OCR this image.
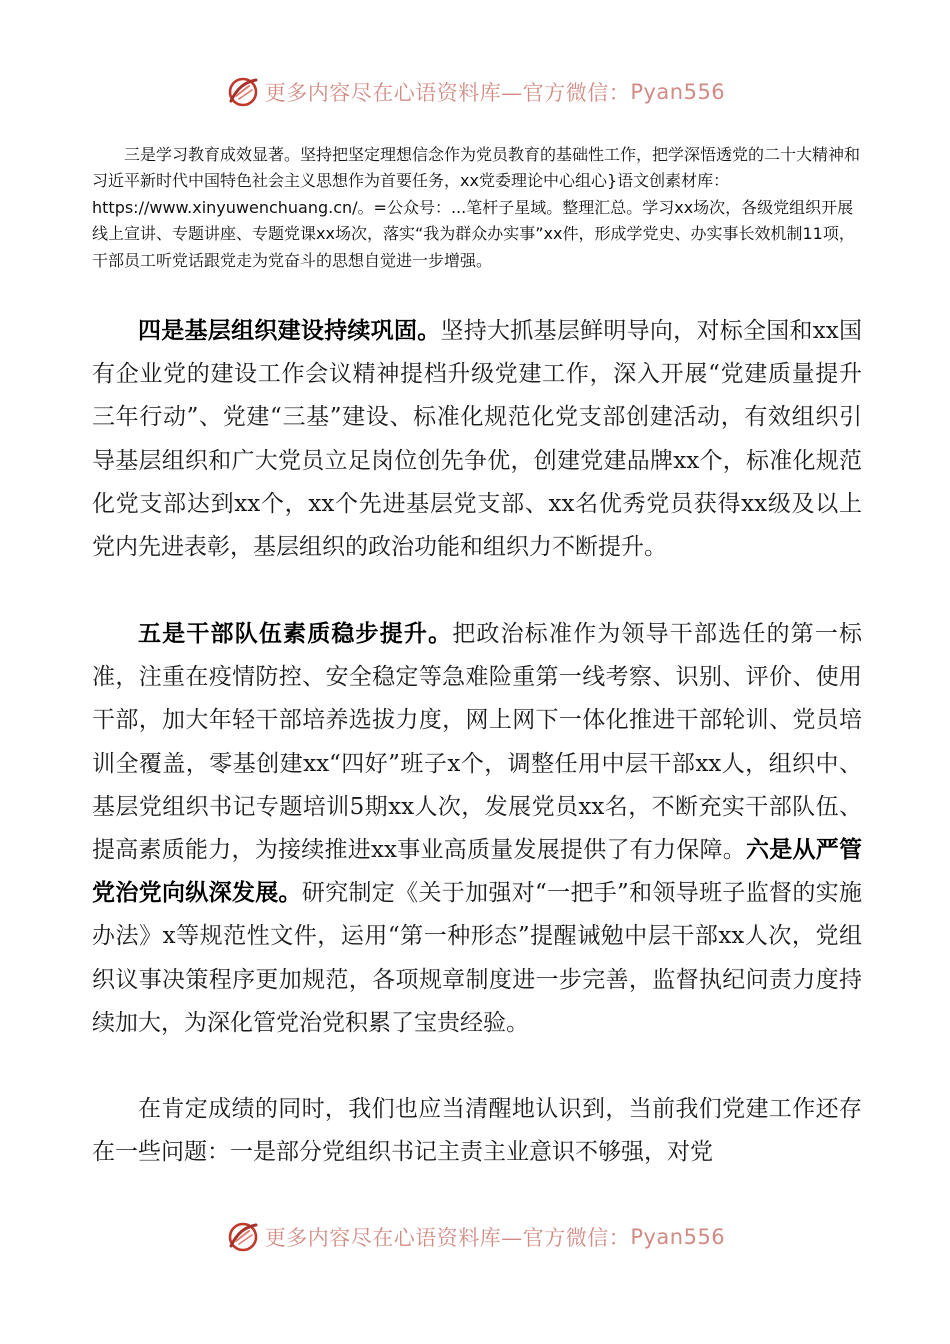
更多内容尽在心语资料库—官方微信： Pyan556

三是学习教育成效显著。坚持把坚定理想信念作为党员教育的基础性工作，把学深悟透党的二十大精神和习近平新时代中国特色社会主义思想作为首要任务，xx党委理论中心组心}语文创素材库：https://www.xinyuwenchuang.cn/。=公众号：...笔杆子星域。整理汇总。学习xx场次，各级党组织开展线上宣讲、专题讲座、专题党课xx场次，落实“我为群众办实事”xx件，形成学党史、办实事长效机制11项，干部员工听党话跟党走为党奋斗的思想自觉进一步增强。

四是基层组织建设持续巩固。坚持大抓基层鲜明导向，对标全国和xx国有企业党的建设工作会议精神提档升级党建工作，深入开展“党建质量提升三年行动”、党建“三基”建设、标准化规范化党支部创建活动，有效组织引导基层组织和广大党员立足岗位创先争优，创建党建品牌xx个，标准化规范化党支部达到xx个，xx个先进基层党支部、xx名优秀党员获得xx级及以上党内先进表彰，基层组织的政治功能和组织力不断提升。

五是干部队伍素质稳步提升。把政治标准作为领导干部选任的第一标准，注重在疫情防控、安全稳定等急难险重第一线考察、识别、评价、使用干部，加大年轻干部培养选拔力度，网上网下一体化推进干部轮训、党员培训全覆盖，零基创建xx“四好”班子x个，调整任用中层干部xx人，组织中、基层党组织书记专题培训5期xx人次，发展党员xx名，不断充实干部队伍、提高素质能力，为接续推进xx事业高质量发展提供了有力保障。六是从严管党治党向纵深发展。研究制定《关于加强对“一把手”和领导班子监督的实施办法》x等规范性文件，运用“第一种形态”提醒诫勉中层干部xx人次，党组织议事决策程序更加规范，各项规章制度进一步完善，监督执纪问责力度持续加大，为深化管党治党积累了宝贵经验。

在肯定成绩的同时，我们也应当清醒地认识到，当前我们党建工作还存在一些问题：一是部分党组织书记主责主业意识不够强，对党

更多内容尽在心语资料库—官方微信： Pyan556
